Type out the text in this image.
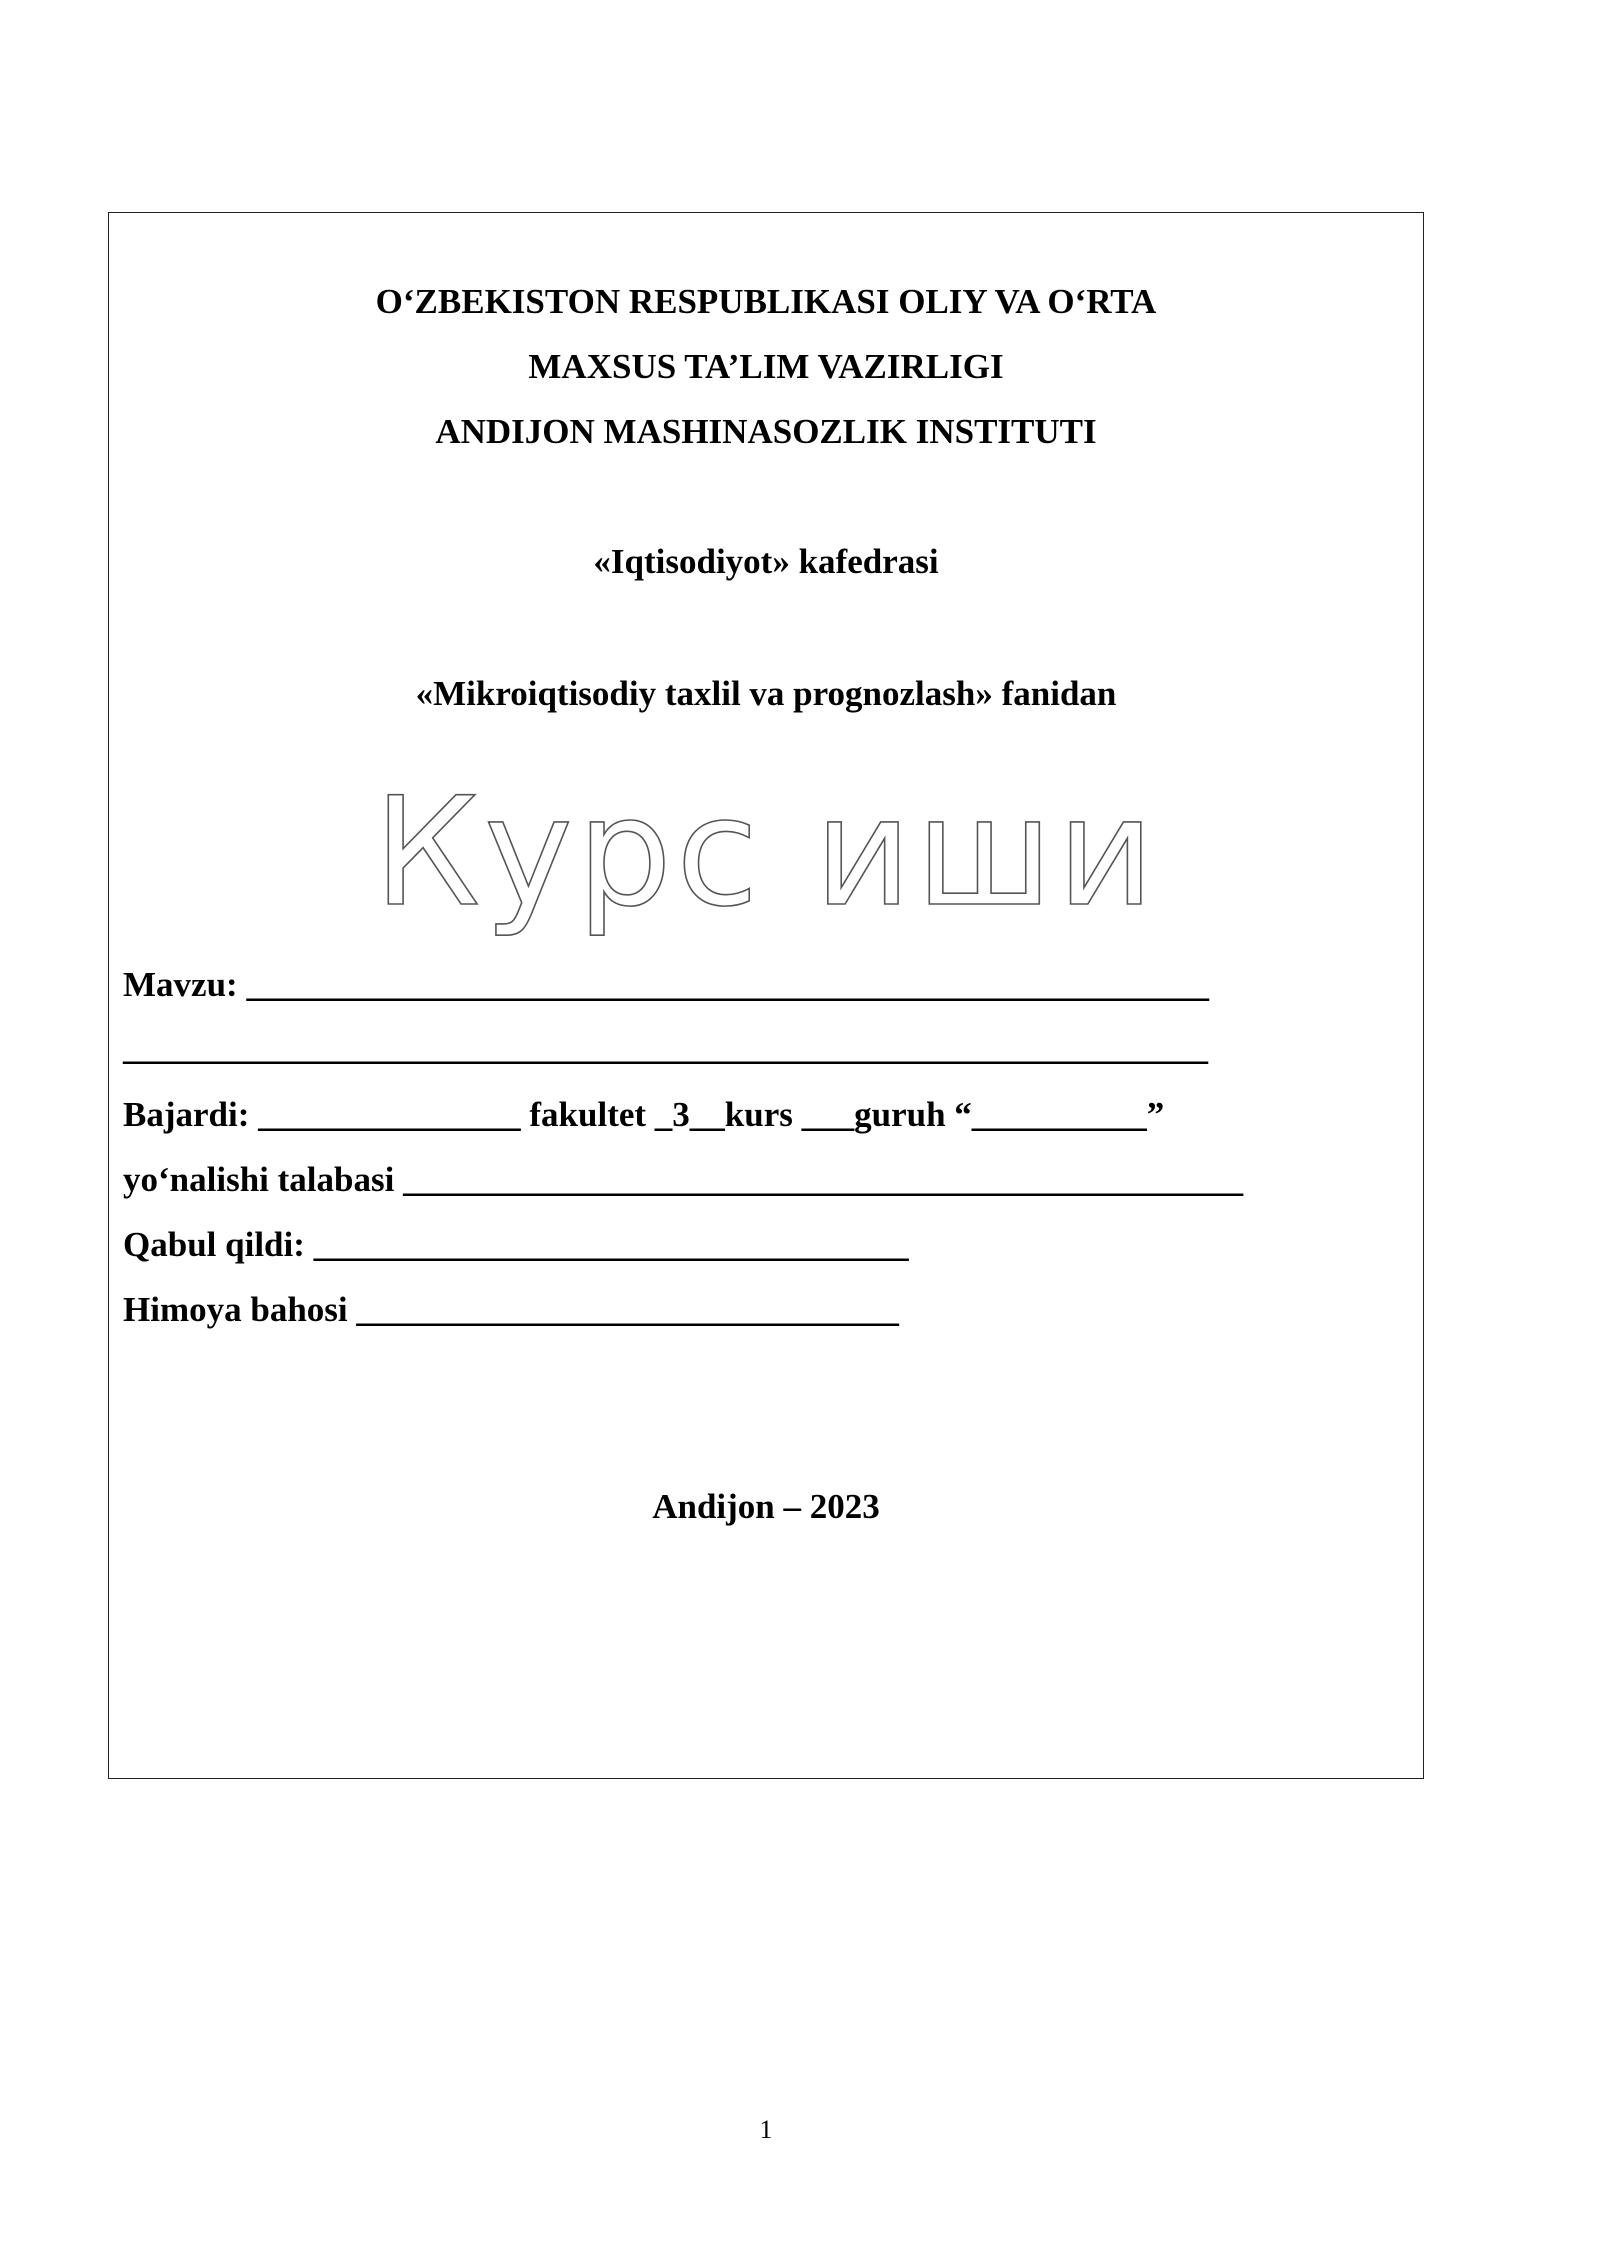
O‘ZBEKISTON RESPUBLIKASI OLIY VA O‘RTA
MAXSUS TA’LIM VAZIRLIGI
ANDIJON MASHINASOZLIK INSTITUTI
«Iqtisodiyot» kafedrasi
«Mikroiqtisodiy taxlil va prognozlash» fanidan
Курс иши
Mavzu: _______________________________________________________
______________________________________________________________
Bajardi: _______________ fakultet _3__kurs ___guruh “__________”
yo‘nalishi talabasi ________________________________________________
Qabul qildi: __________________________________
Himoya bahosi _______________________________
Andijon – 2023
1
